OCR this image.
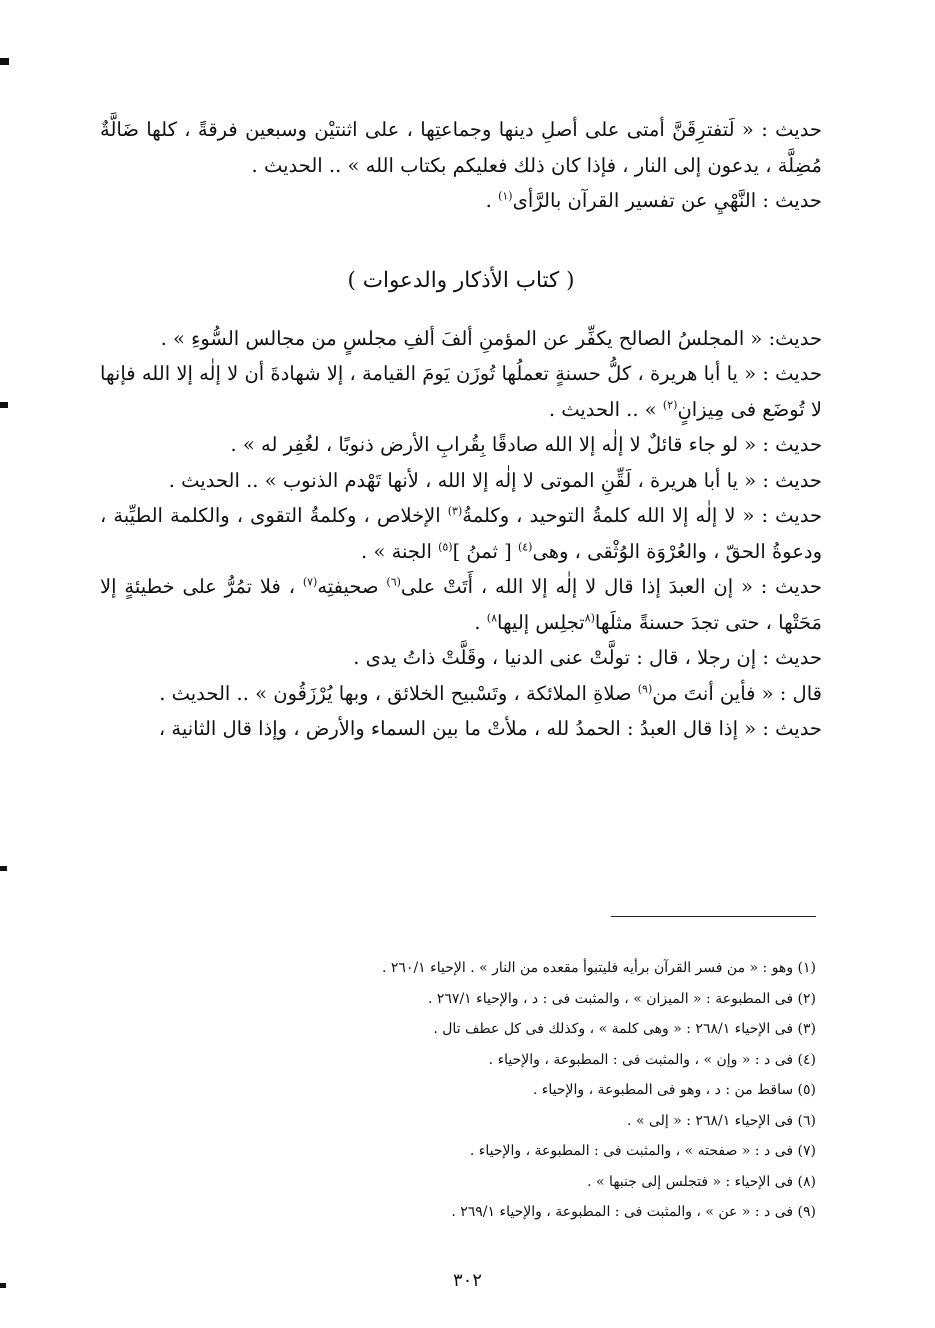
حديث : « لَتفترِقَنَّ أمتى على أصلِ دينها وجماعتِها ، على اثنتيْن وسبعين فرقةً ، كلها ضَالَّةٌ مُضِلَّة ، يدعون إلى النار ، فإذا كان ذلك فعليكم بكتاب الله » .. الحديث .

حديث : النَّهْيِ عن تفسير القرآن بالرَّأى$^{(١)}$ .

( كتاب الأذكار والدعوات )

حديث: « المجلسُ الصالح يكفِّر عن المؤمنِ ألفَ ألفِ مجلسٍ من مجالس السُّوءِ » .

حديث : « يا أبا هريرة ، كلُّ حسنةٍ تعملُها تُوزَن يَومَ القيامة ، إلا شهادةَ أن لا إلٰه إلا الله فإنها لا تُوضَع فى مِيزانٍ$^{(٢)}$ » .. الحديث .

حديث : « لو جاء قائلٌ لا إلٰه إلا الله صادقًا بِقُرابِ الأرض ذنوبًا ، لغُفِر له » .

حديث : « يا أبا هريرة ، لَقِّنِ الموتى لا إلٰه إلا الله ، لأنها تَهْدم الذنوب » .. الحديث .

حديث : « لا إلٰه إلا الله كلمةُ التوحيد ، وكلمةُ$^{(٣)}$ الإخلاص ، وكلمةُ التقوى ، والكلمة الطيِّبة ، ودعوةُ الحقّ ، والعُرْوَة الوُثْقى ، وهى$^{(٤)}$ [ ثمنُ ]$^{(٥)}$ الجنة » .

حديث : « إن العبدَ إذا قال لا إلٰه إلا الله ، أَتَتْ على$^{(٦)}$ صحيفتِه$^{(٧)}$ ، فلا تمُرُّ على خطيئةٍ إلا مَحَتْها ، حتى تجدَ حسنةً مثلَها$^{(٨}$تجلِس إليها$^{٨)}$ .

حديث : إن رجلا ، قال : تولَّتْ عنى الدنيا ، وقَلَّتْ ذاتُ يدى .

قال : « فأين أنتَ من$^{(٩)}$ صلاةِ الملائكة ، وتَسْبيح الخلائق ، وبها يُرْزَقُون » .. الحديث .

حديث : « إذا قال العبدُ : الحمدُ لله ، ملأتْ ما بين السماء والأرض ، وإذا قال الثانية ،

(١) وهو : « من فسر القرآن برأيه فليتبوأ مقعده من النار » . الإحياء ٢٦٠/١ .

(٢) فى المطبوعة : « الميزان » ، والمثبت فى : د ، والإحياء ٢٦٧/١ .

(٣) فى الإحياء ٢٦٨/١ : « وهى كلمة » ، وكذلك فى كل عطف تال .

(٤) فى د : « وإن » ، والمثبت فى : المطبوعة ، والإحياء .

(٥) ساقط من : د ، وهو فى المطبوعة ، والإحياء .

(٦) فى الإحياء ٢٦٨/١ : « إلى » .

(٧) فى د : « صفحته » ، والمثبت فى : المطبوعة ، والإحياء .

(٨) فى الإحياء : « فتجلس إلى جنبها » .

(٩) فى د : « عن » ، والمثبت فى : المطبوعة ، والإحياء ٢٦٩/١ .

٣٠٢
